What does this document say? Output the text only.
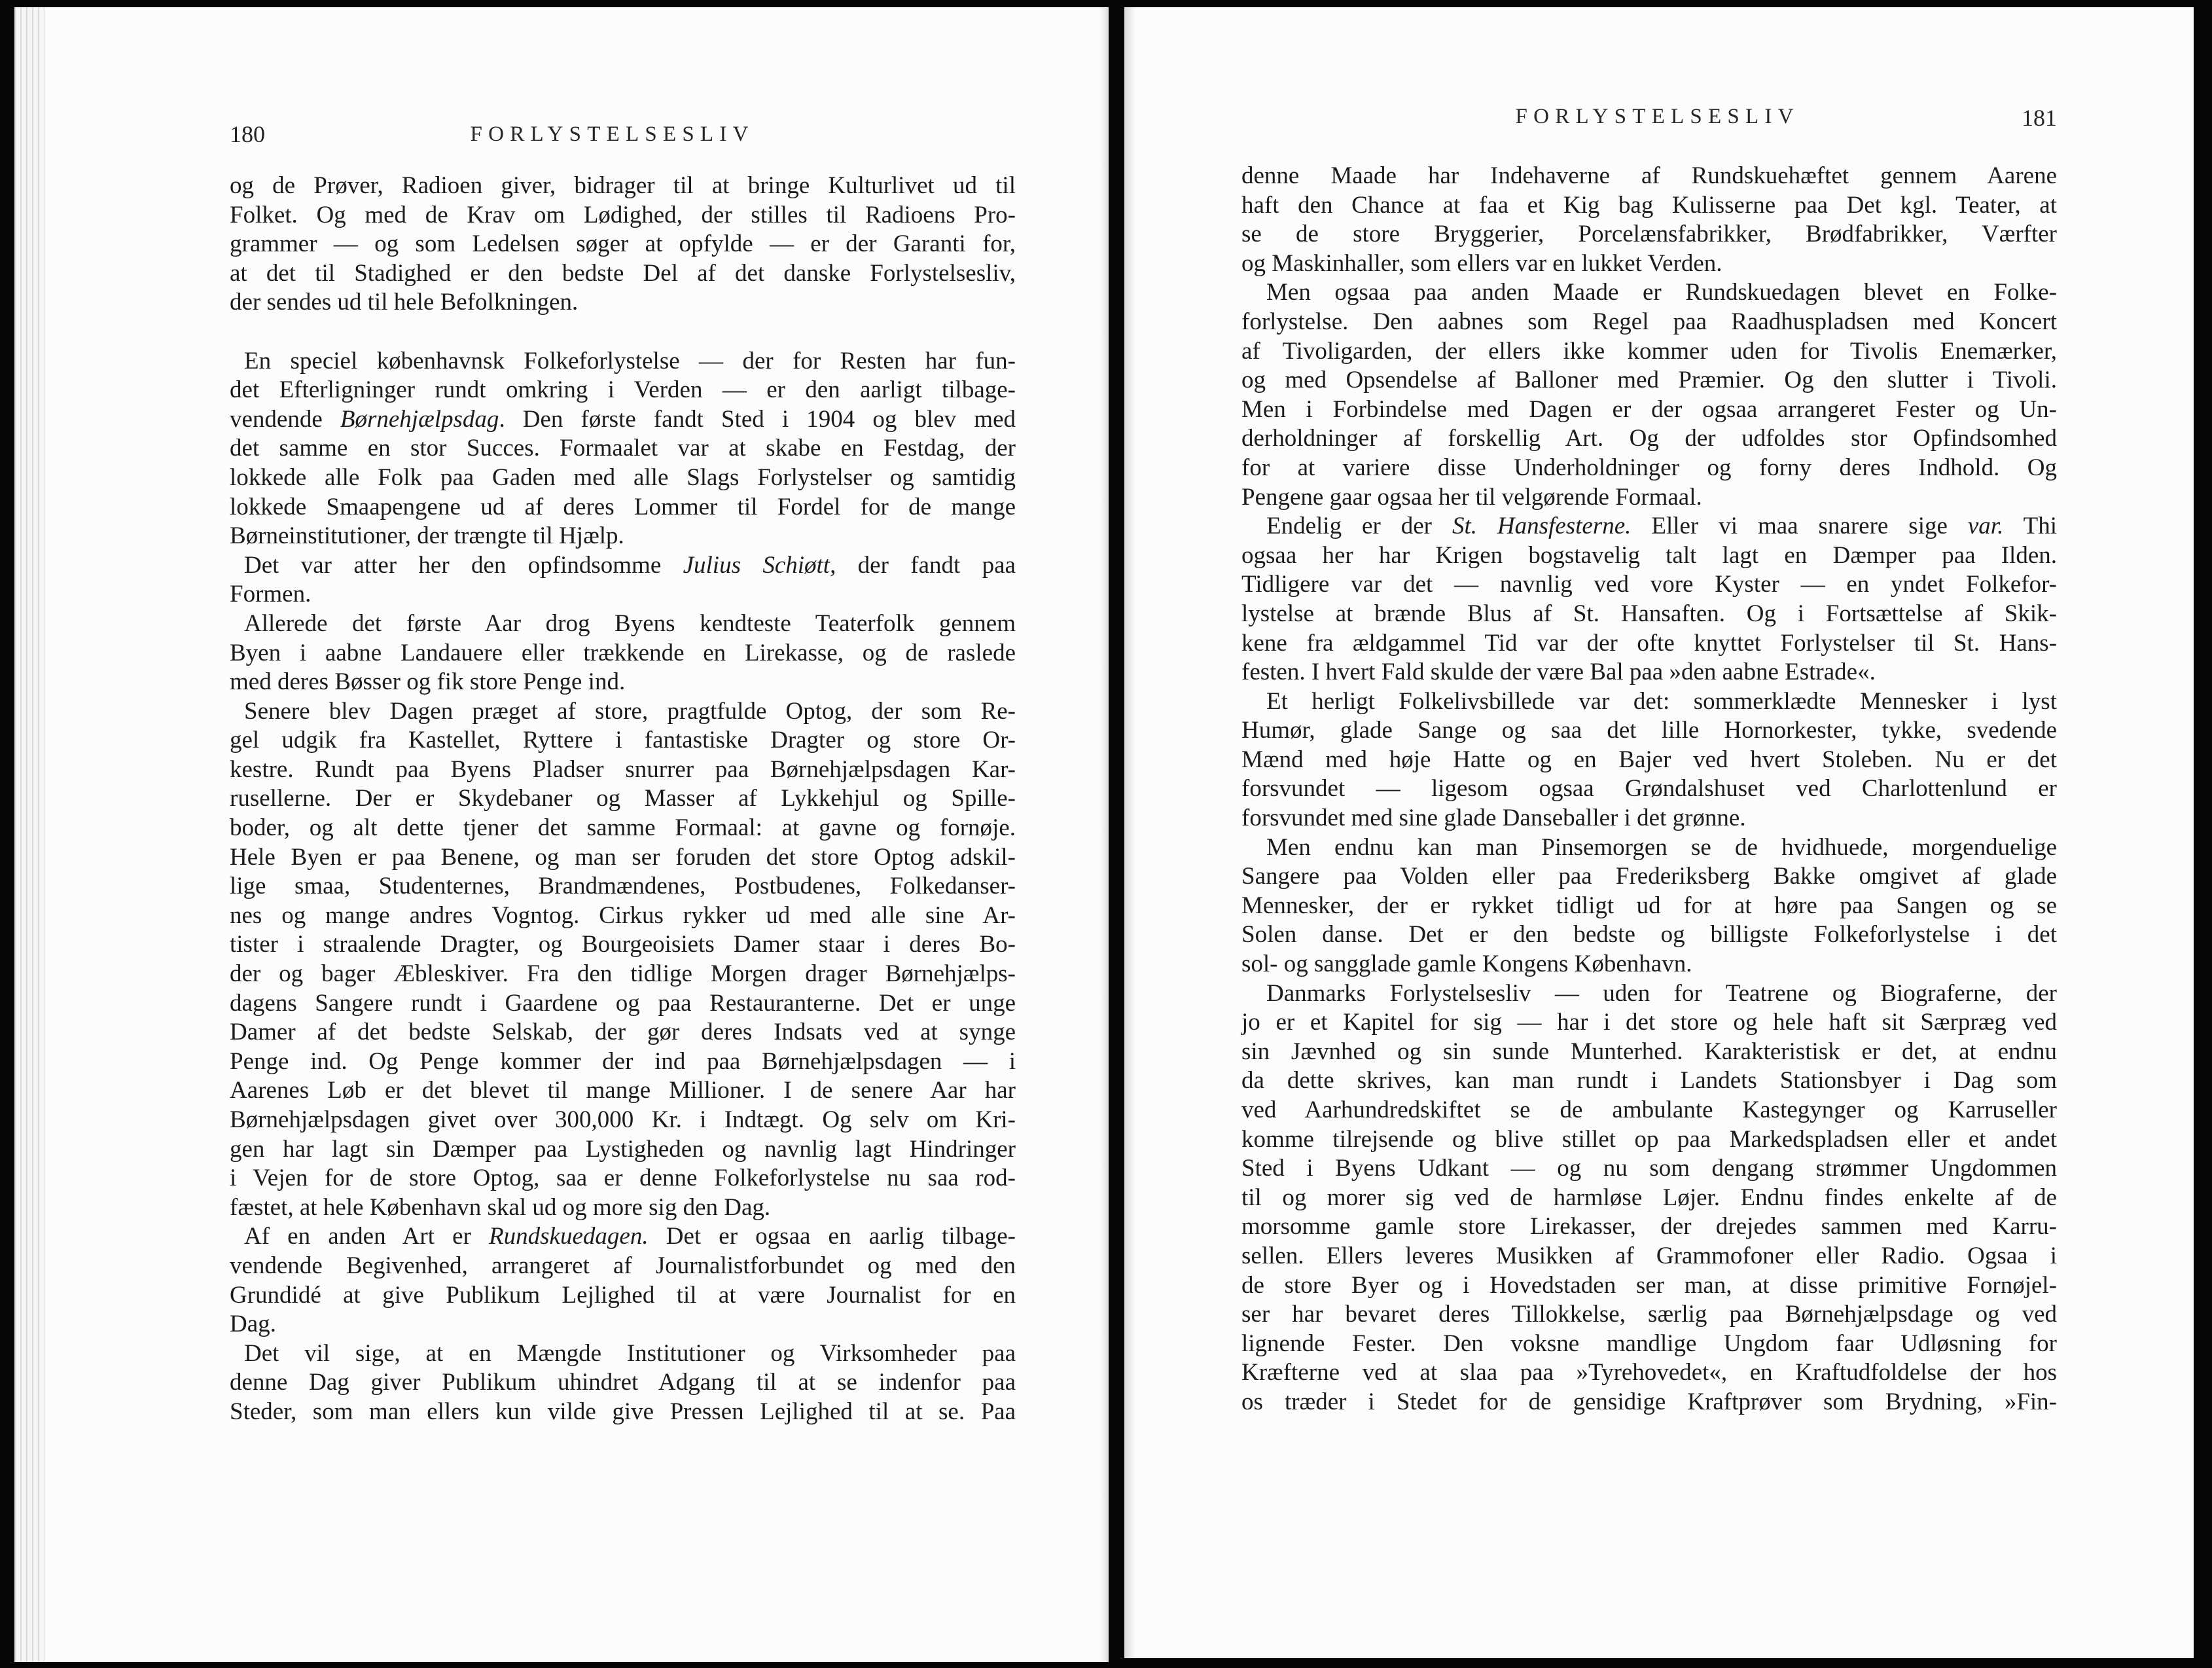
180	FORLYSTELSESLIV
og de Prøver, Radioen giver, bidrager til at bringe Kulturlivet ud til
Folket. Og med de Krav om Lødighed, der stilles til Radioens Pro-
grammer — og som Ledelsen søger at opfylde — er der Garanti for,
at det til Stadighed er den bedste Del af det danske Forlystelsesliv,
der sendes ud til hele Befolkningen.
En speciel københavnsk Folkeforlystelse — der for Resten har fun-
det Efterligninger rundt omkring i Verden — er den aarligt tilbage-
vendende Børnehjælpsdag. Den første fandt Sted i 1904 og blev med
det samme en stor Succes. Formaalet var at skabe en Festdag, der
lokkede alle Folk paa Gaden med alle Slags Forlystelser og samtidig
lokkede Smaapengene ud af deres Lommer til Fordel for de mange
Børneinstitutioner, der trængte til Hjælp.
Det var atter her den opfindsomme Julius Schiøtt, der fandt paa
Formen.
Allerede det første Aar drog Byens kendteste Teaterfolk gennem
Byen i aabne Landauere eller trækkende en Lirekasse, og de raslede
med deres Bøsser og fik store Penge ind.
Senere blev Dagen præget af store, pragtfulde Optog, der som Re-
gel udgik fra Kastellet, Ryttere i fantastiske Dragter og store Or-
kestre. Rundt paa Byens Pladser snurrer paa Børnehjælpsdagen Kar-
rusellerne. Der er Skydebaner og Masser af Lykkehjul og Spille-
boder, og alt dette tjener det samme Formaal: at gavne og fornøje.
Hele Byen er paa Benene, og man ser foruden det store Optog adskil-
lige smaa, Studenternes, Brandmændenes, Postbudenes, Folkedanser-
nes og mange andres Vogntog. Cirkus rykker ud med alle sine Ar-
tister i straalende Dragter, og Bourgeoisiets Damer staar i deres Bo-
der og bager Æbleskiver. Fra den tidlige Morgen drager Børnehjælps-
dagens Sangere rundt i Gaardene og paa Restauranterne. Det er unge
Damer af det bedste Selskab, der gør deres Indsats ved at synge
Penge ind. Og Penge kommer der ind paa Børnehjælpsdagen — i
Aarenes Løb er det blevet til mange Millioner. I de senere Aar har
Børnehjælpsdagen givet over 300,000 Kr. i Indtægt. Og selv om Kri-
gen har lagt sin Dæmper paa Lystigheden og navnlig lagt Hindringer
i Vejen for de store Optog, saa er denne Folkeforlystelse nu saa rod-
fæstet, at hele København skal ud og more sig den Dag.
Af en anden Art er Rundskuedagen. Det er ogsaa en aarlig tilbage-
vendende Begivenhed, arrangeret af Journalistforbundet og med den
Grundidé at give Publikum Lejlighed til at være Journalist for en
Dag.
Det vil sige, at en Mængde Institutioner og Virksomheder paa
denne Dag giver Publikum uhindret Adgang til at se indenfor paa
Steder, som man ellers kun vilde give Pressen Lejlighed til at se. Paa
FORLYSTELSESLIV	181
denne Maade har Indehaverne af Rundskuehæftet gennem Aarene
haft den Chance at faa et Kig bag Kulisserne paa Det kgl. Teater, at
se de store Bryggerier, Porcelænsfabrikker, Brødfabrikker, Værfter
og Maskinhaller, som ellers var en lukket Verden.
Men ogsaa paa anden Maade er Rundskuedagen blevet en Folke-
forlystelse. Den aabnes som Regel paa Raadhuspladsen med Koncert
af Tivoligarden, der ellers ikke kommer uden for Tivolis Enemærker,
og med Opsendelse af Balloner med Præmier. Og den slutter i Tivoli.
Men i Forbindelse med Dagen er der ogsaa arrangeret Fester og Un-
derholdninger af forskellig Art. Og der udfoldes stor Opfindsomhed
for at variere disse Underholdninger og forny deres Indhold. Og
Pengene gaar ogsaa her til velgørende Formaal.
Endelig er der St. Hansfesterne. Eller vi maa snarere sige var. Thi
ogsaa her har Krigen bogstavelig talt lagt en Dæmper paa Ilden.
Tidligere var det — navnlig ved vore Kyster — en yndet Folkefor-
lystelse at brænde Blus af St. Hansaften. Og i Fortsættelse af Skik-
kene fra ældgammel Tid var der ofte knyttet Forlystelser til St. Hans-
festen. I hvert Fald skulde der være Bal paa »den aabne Estrade«.
Et herligt Folkelivsbillede var det: sommerklædte Mennesker i lyst
Humør, glade Sange og saa det lille Hornorkester, tykke, svedende
Mænd med høje Hatte og en Bajer ved hvert Stoleben. Nu er det
forsvundet — ligesom ogsaa Grøndalshuset ved Charlottenlund er
forsvundet med sine glade Danseballer i det grønne.
Men endnu kan man Pinsemorgen se de hvidhuede, morgenduelige
Sangere paa Volden eller paa Frederiksberg Bakke omgivet af glade
Mennesker, der er rykket tidligt ud for at høre paa Sangen og se
Solen danse. Det er den bedste og billigste Folkeforlystelse i det
sol- og sangglade gamle Kongens København.
Danmarks Forlystelsesliv — uden for Teatrene og Biograferne, der
jo er et Kapitel for sig — har i det store og hele haft sit Særpræg ved
sin Jævnhed og sin sunde Munterhed. Karakteristisk er det, at endnu
da dette skrives, kan man rundt i Landets Stationsbyer i Dag som
ved Aarhundredskiftet se de ambulante Kastegynger og Karruseller
komme tilrejsende og blive stillet op paa Markedspladsen eller et andet
Sted i Byens Udkant — og nu som dengang strømmer Ungdommen
til og morer sig ved de harmløse Løjer. Endnu findes enkelte af de
morsomme gamle store Lirekasser, der drejedes sammen med Karru-
sellen. Ellers leveres Musikken af Grammofoner eller Radio. Ogsaa i
de store Byer og i Hovedstaden ser man, at disse primitive Fornøjel-
ser har bevaret deres Tillokkelse, særlig paa Børnehjælpsdage og ved
lignende Fester. Den voksne mandlige Ungdom faar Udløsning for
Kræfterne ved at slaa paa »Tyrehovedet«, en Kraftudfoldelse der hos
os træder i Stedet for de gensidige Kraftprøver som Brydning, »Fin-
